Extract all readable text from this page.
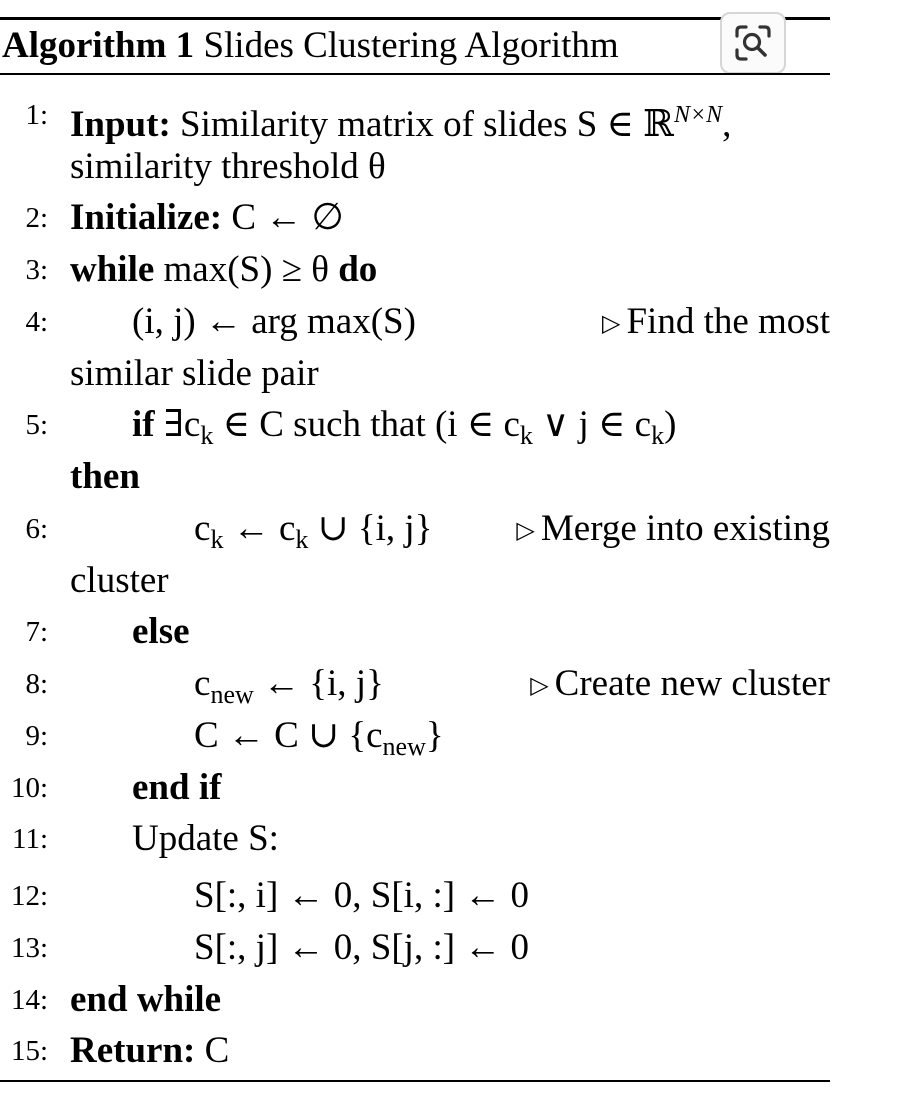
Algorithm 1 Slides Clustering Algorithm
1: Input: Similarity matrix of slides S ∈ ℝ$^{N\times N}$,
similarity threshold θ
2: Initialize: C ← ∅
3: while max(S) ≥ θ do
4: (i, j) ← arg max(S)	▷ Find the most
similar slide pair
5: if $\exists c_k$ ∈ C such that (i ∈ $c_k$ ∨ j ∈ $c_k$)
then
6:	$c_k$ ← $c_k$ ∪ {i, j}	▷ Merge into existing
cluster
7: else
8:	$c_{new}$ ← {i, j}	▷ Create new cluster
9:	C ← C ∪ $\{c_{new}\}$
10: end if
11: Update S:
12:	S[:, i] ← 0, S[i, :] ← 0
13:	S[:, j] ← 0, S[j, :] ← 0
14: end while
15: Return: C
